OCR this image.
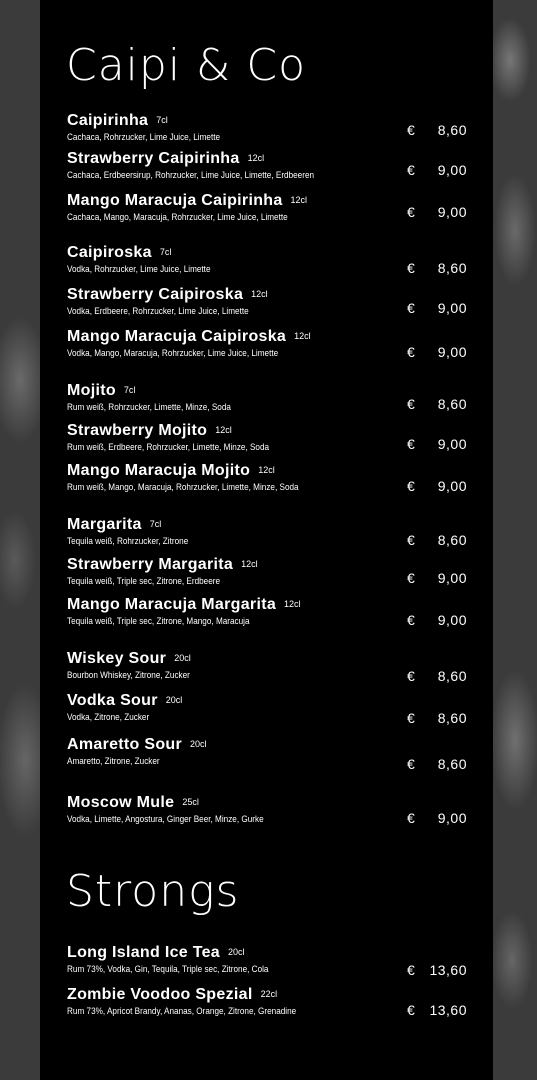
Caipi & Co
Strongs
Caipirinha 7cl
Cachaca, Rohrzucker, Lime Juice, Limette	€ 8,60
Strawberry Caipirinha 12cl
Cachaca, Erdbeersirup, Rohrzucker, Lime Juice, Limette, Erdbeeren	€ 9,00
Mango Maracuja Caipirinha 12cl
Cachaca, Mango, Maracuja, Rohrzucker, Lime Juice, Limette	€ 9,00
Caipiroska 7cl
Vodka, Rohrzucker, Lime Juice, Limette	€ 8,60
Strawberry Caipiroska 12cl
Vodka, Erdbeere, Rohrzucker, Lime Juice, Limette	€ 9,00
Mango Maracuja Caipiroska 12cl
Vodka, Mango, Maracuja, Rohrzucker, Lime Juice, Limette	€ 9,00
Mojito 7cl
Rum weiß, Rohrzucker, Limette, Minze, Soda	€ 8,60
Strawberry Mojito 12cl
Rum weiß, Erdbeere, Rohrzucker, Limette, Minze, Soda	€ 9,00
Mango Maracuja Mojito 12cl
Rum weiß, Mango, Maracuja, Rohrzucker, Limette, Minze, Soda	€ 9,00
Margarita 7cl
Tequila weiß, Rohrzucker, Zitrone	€ 8,60
Strawberry Margarita 12cl
Tequila weiß, Triple sec, Zitrone, Erdbeere	€ 9,00
Mango Maracuja Margarita 12cl
Tequila weiß, Triple sec, Zitrone, Mango, Maracuja	€ 9,00
Wiskey Sour 20cl
Bourbon Whiskey, Zitrone, Zucker	€ 8,60
Vodka Sour 20cl
Vodka, Zitrone, Zucker	€ 8,60
Amaretto Sour 20cl
Amaretto, Zitrone, Zucker	€ 8,60
Moscow Mule 25cl
Vodka, Limette, Angostura, Ginger Beer, Minze, Gurke	€ 9,00
Long Island Ice Tea 20cl
Rum 73%, Vodka, Gin, Tequila, Triple sec, Zitrone, Cola	€ 13,60
Zombie Voodoo Spezial 22cl
Rum 73%, Apricot Brandy, Ananas, Orange, Zitrone, Grenadine	€ 13,60
